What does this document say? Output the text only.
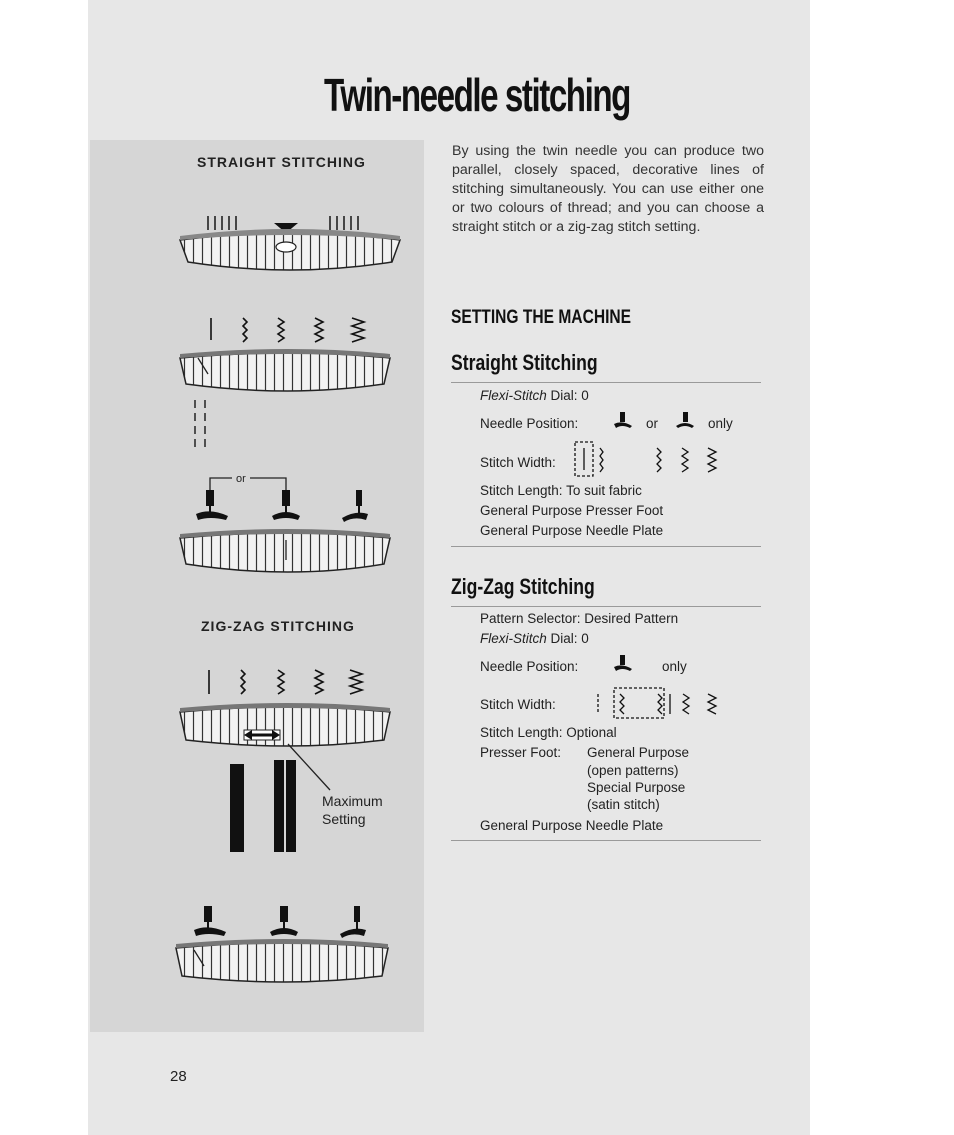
Twin-needle stitching
or
STRAIGHT STITCHING
ZIG-ZAG STITCHING
Maximum
Setting
By using the twin needle you can produce two parallel, closely spaced, decorative lines of stitching simultaneously. You can use either one or two colours of thread; and you can choose a straight stitch or a zig-zag stitch setting.
SETTING THE MACHINE
Straight Stitching
Flexi-Stitch Dial: 0
Needle Position:	or	only
Stitch Width:
Stitch Length: To suit fabric
General Purpose Presser Foot
General Purpose Needle Plate
Zig-Zag Stitching
Pattern Selector: Desired Pattern
Flexi-Stitch Dial: 0
Needle Position:	only
Stitch Width:
Stitch Length: Optional
Presser Foot: General Purpose
(open patterns)
Special Purpose
(satin stitch)
General Purpose Needle Plate
28
